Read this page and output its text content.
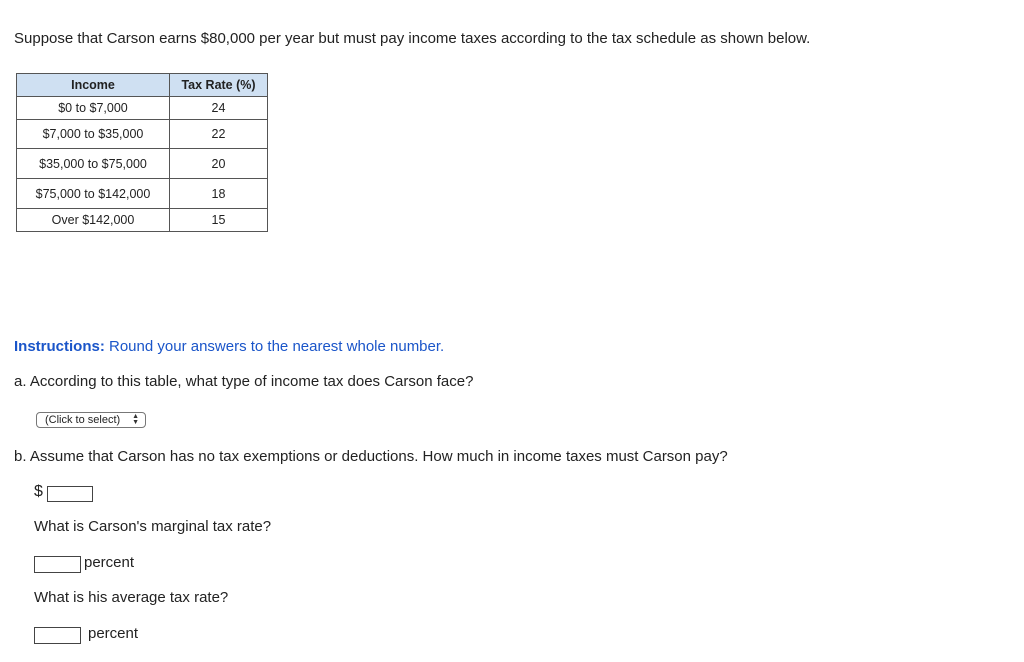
Suppose that Carson earns $80,000 per year but must pay income taxes according to the tax schedule as shown below.
Income	Tax Rate (%)
$0 to $7,000	24
$7,000 to $35,000	22
$35,000 to $75,000	20
$75,000 to $142,000	18
Over $142,000	15
Instructions: Round your answers to the nearest whole number.
a. According to this table, what type of income tax does Carson face?
(Click to select) ▲
▼
b. Assume that Carson has no tax exemptions or deductions. How much in income taxes must Carson pay?
$
What is Carson's marginal tax rate?
percent
What is his average tax rate?
percent
